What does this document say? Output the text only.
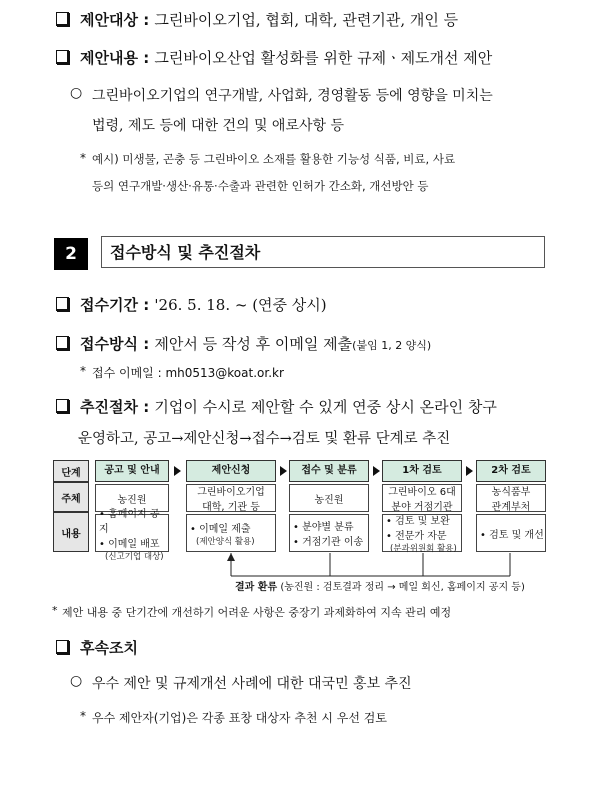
제안대상 : 그린바이오기업, 협회, 대학, 관련기관, 개인 등
제안내용 : 그린바이오산업 활성화를 위한 규제ㆍ제도개선 제안
○ 그린바이오기업의 연구개발, 사업화, 경영활동 등에 영향을 미치는
법령, 제도 등에 대한 건의 및 애로사항 등
* 예시) 미생물, 곤충 등 그린바이오 소재를 활용한 기능성 식품, 비료, 사료
등의 연구개발·생산·유통·수출과 관련한 인허가 간소화, 개선방안 등
2	접수방식 및 추진절차
접수기간 : '26. 5. 18. ~ (연중 상시)
접수방식 : 제안서 등 작성 후 이메일 제출(붙임 1, 2 양식)
* 접수 이메일 : mh0513@koat.or.kr
추진절차 : 기업이 수시로 제안할 수 있게 연중 상시 온라인 창구
운영하고, 공고→제안신청→접수→검토 및 환류 단계로 추진
단계
주체
내용
공고 및 안내
농진원
• 홈페이지 공지
• 이메일 배포
(신고기업 대상)
제안신청
그린바이오기업
대학, 기관 등
• 이메일 제출
(제안양식 활용)
접수 및 분류
농진원
• 분야별 분류
• 거점기관 이송
1차 검토
그린바이오 6대
분야 거점기관
• 검토 및 보완
• 전문가 자문
(분과위원회 활용)
2차 검토
농식품부
관계부처
• 검토 및 개선
결과 환류 (농진원 : 검토결과 정리 → 메일 회신, 홈페이지 공지 등)
* 제안 내용 중 단기간에 개선하기 어려운 사항은 중장기 과제화하여 지속 관리 예정
후속조치
○ 우수 제안 및 규제개선 사례에 대한 대국민 홍보 추진
* 우수 제안자(기업)은 각종 표창 대상자 추천 시 우선 검토
